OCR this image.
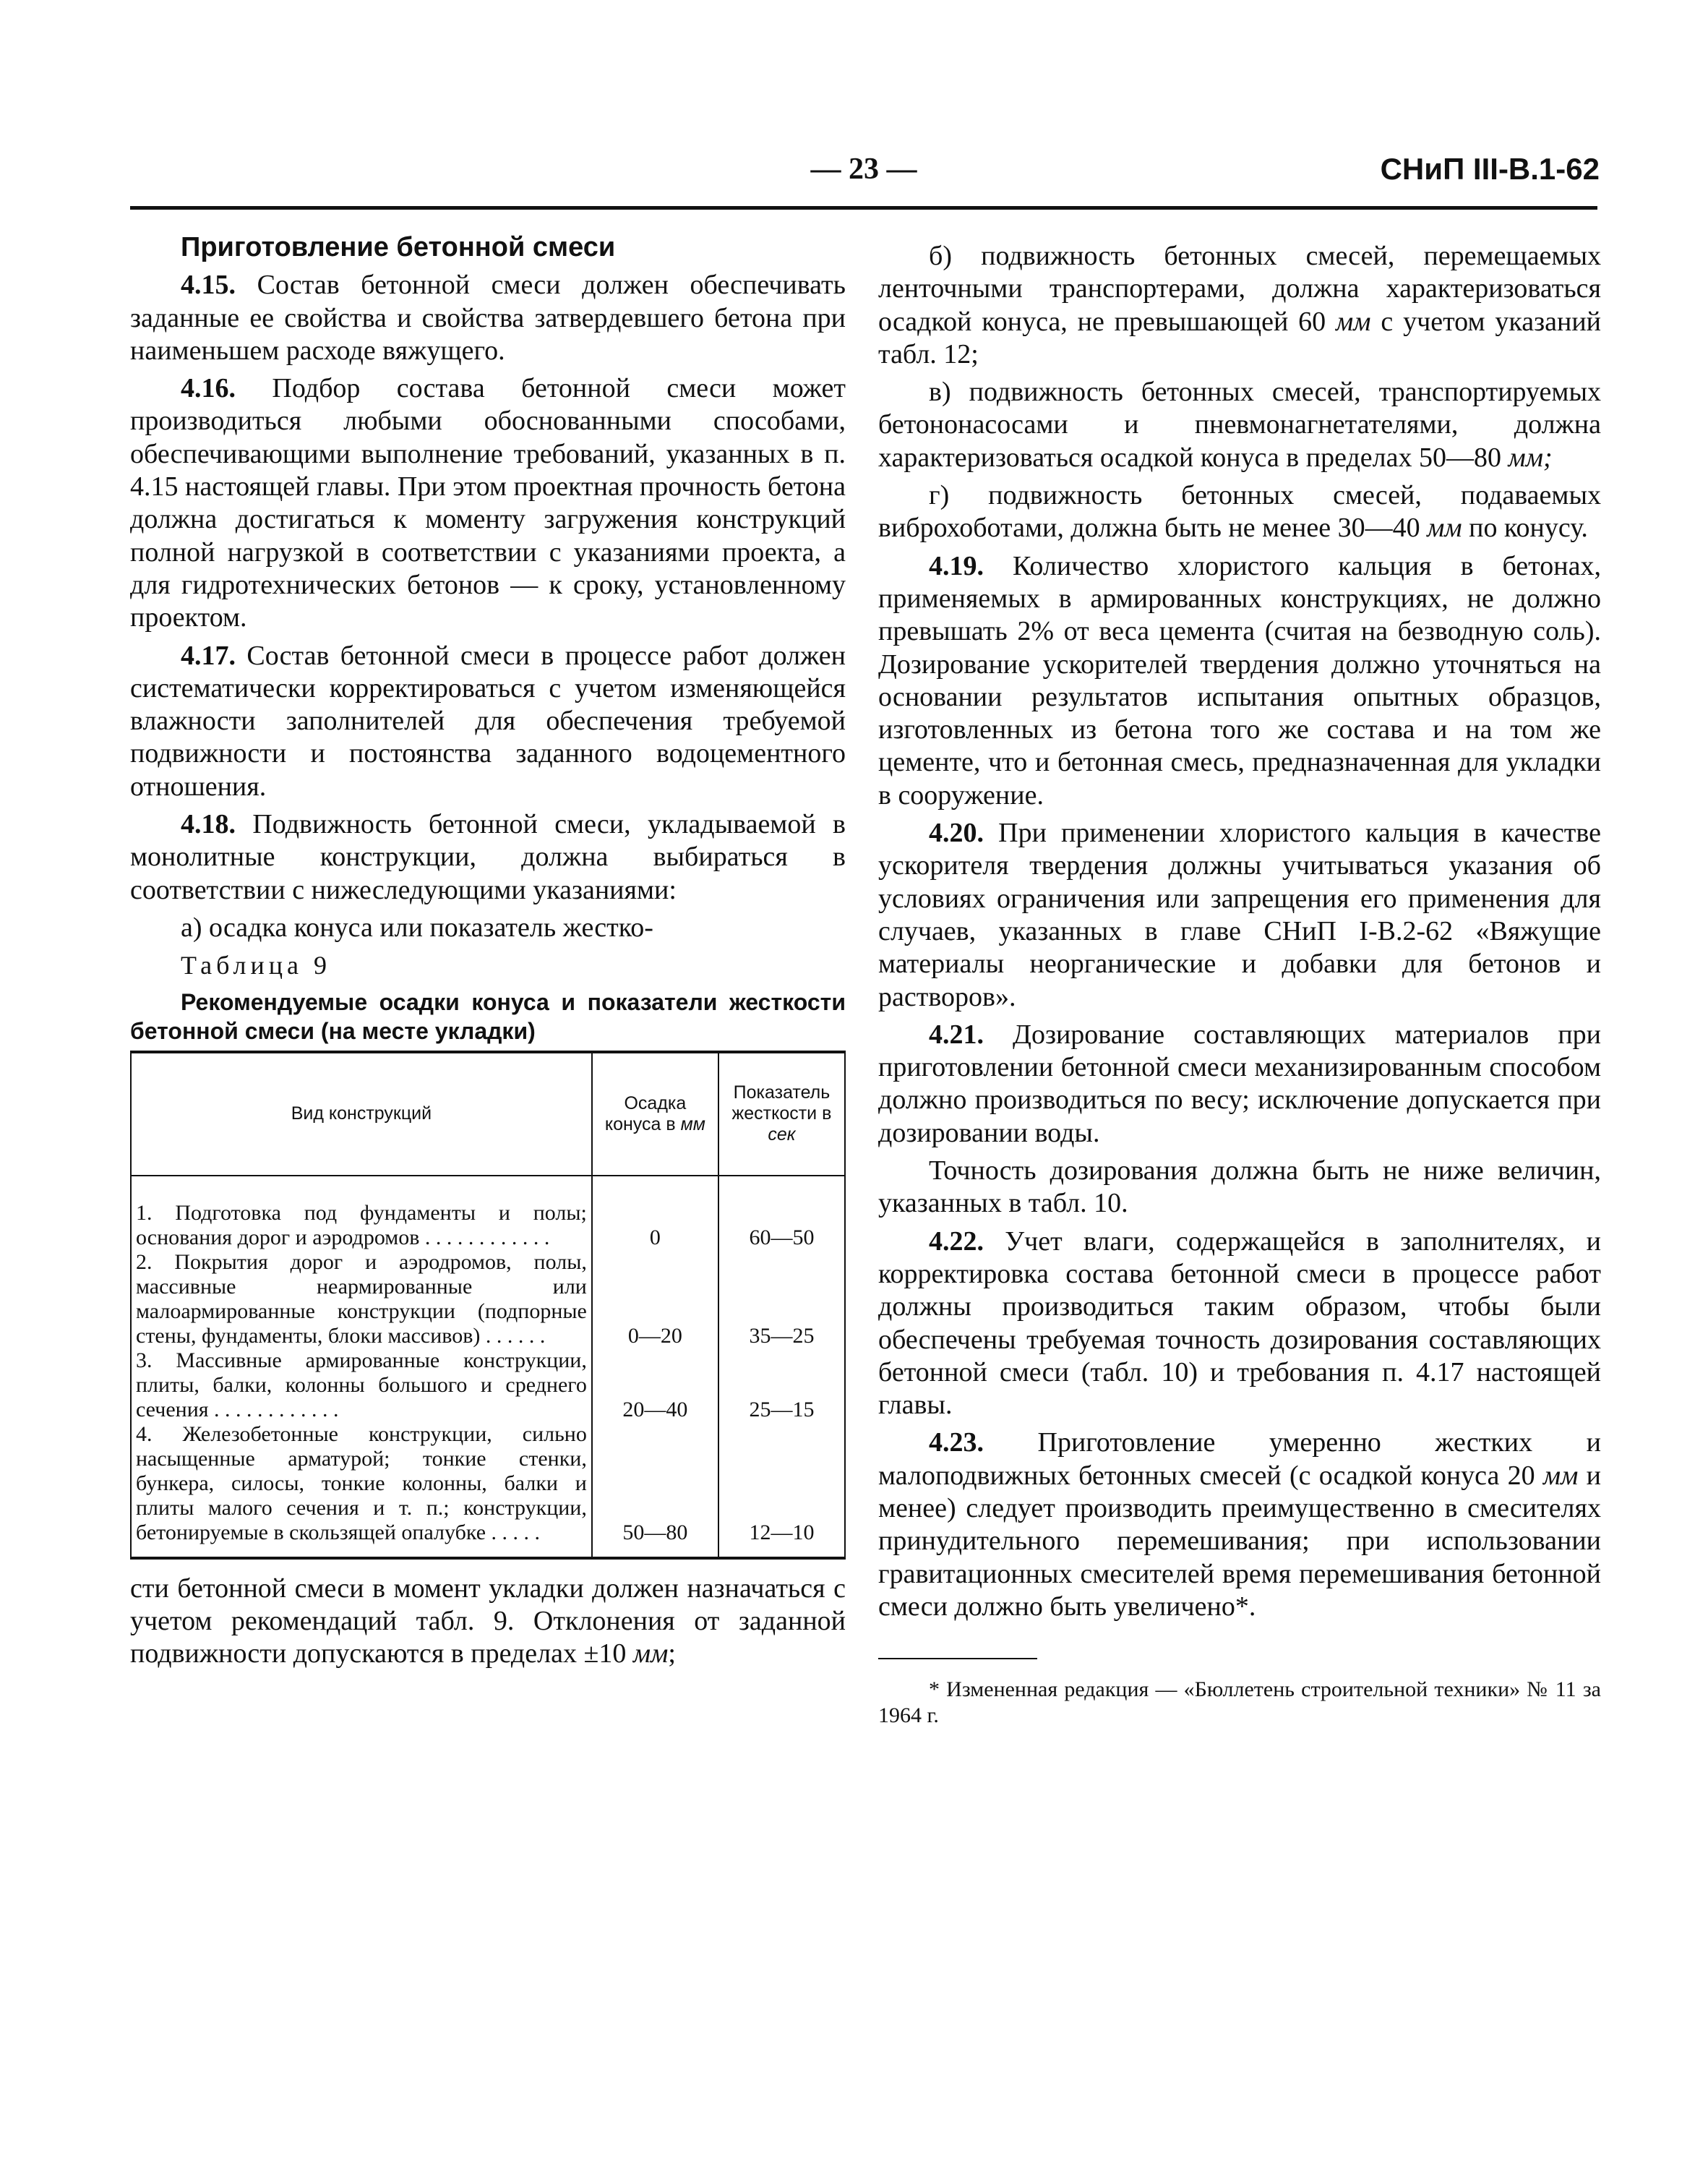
— 23 —	СНиП III-В.1-62

Приготовление бетонной смеси

4.15. Состав бетонной смеси должен обеспечивать заданные ее свойства и свойства затвердевшего бетона при наименьшем расходе вяжущего.

4.16. Подбор состава бетонной смеси может производиться любыми обоснованными способами, обеспечивающими выполнение требований, указанных в п. 4.15 настоящей главы. При этом проектная прочность бетона должна достигаться к моменту загружения конструкций полной нагрузкой в соответствии с указаниями проекта, а для гидротехнических бетонов — к сроку, установленному проектом.

4.17. Состав бетонной смеси в процессе работ должен систематически корректироваться с учетом изменяющейся влажности заполнителей для обеспечения требуемой подвижности и постоянства заданного водоцементного отношения.

4.18. Подвижность бетонной смеси, укладываемой в монолитные конструкции, должна выбираться в соответствии с нижеследующими указаниями:

а) осадка конуса или показатель жестко-

Таблица 9

Рекомендуемые осадки конуса и показатели жесткости бетонной смеси (на месте укладки)

Вид конструкций	Осадка конуса в мм	Показатель жесткости в сек
1. Подготовка под фундаменты и полы; основания дорог и аэродромов . . . . . . . . . . . .	0	60—50
2. Покрытия дорог и аэродромов, полы, массивные неармированные или малоармированные конструкции (подпорные стены, фундаменты, блоки массивов) . . . . . .	0—20	35—25
3. Массивные армированные конструкции, плиты, балки, колонны большого и среднего сечения . . . . . . . . . . . .	20—40	25—15
4. Железобетонные конструкции, сильно насыщенные арматурой; тонкие стенки, бункера, силосы, тонкие колонны, балки и плиты малого сечения и т. п.; конструкции, бетонируемые в скользящей опалубке . . . . .	50—80	12—10

сти бетонной смеси в момент укладки должен назначаться с учетом рекомендаций табл. 9. Отклонения от заданной подвижности допускаются в пределах ±10 мм;

б) подвижность бетонных смесей, перемещаемых ленточными транспортерами, должна характеризоваться осадкой конуса, не превышающей 60 мм с учетом указаний табл. 12;

в) подвижность бетонных смесей, транспортируемых бетононасосами и пневмонагнетателями, должна характеризоваться осадкой конуса в пределах 50—80 мм;

г) подвижность бетонных смесей, подаваемых виброхоботами, должна быть не менее 30—40 мм по конусу.

4.19. Количество хлористого кальция в бетонах, применяемых в армированных конструкциях, не должно превышать 2% от веса цемента (считая на безводную соль). Дозирование ускорителей твердения должно уточняться на основании результатов испытания опытных образцов, изготовленных из бетона того же состава и на том же цементе, что и бетонная смесь, предназначенная для укладки в сооружение.

4.20. При применении хлористого кальция в качестве ускорителя твердения должны учитываться указания об условиях ограничения или запрещения его применения для случаев, указанных в главе СНиП I-В.2-62 «Вяжущие материалы неорганические и добавки для бетонов и растворов».

4.21. Дозирование составляющих материалов при приготовлении бетонной смеси механизированным способом должно производиться по весу; исключение допускается при дозировании воды.

Точность дозирования должна быть не ниже величин, указанных в табл. 10.

4.22. Учет влаги, содержащейся в заполнителях, и корректировка состава бетонной смеси в процессе работ должны производиться таким образом, чтобы были обеспечены требуемая точность дозирования составляющих бетонной смеси (табл. 10) и требования п. 4.17 настоящей главы.

4.23. Приготовление умеренно жестких и малоподвижных бетонных смесей (с осадкой конуса 20 мм и менее) следует производить преимущественно в смесителях принудительного перемешивания; при использовании гравитационных смесителей время перемешивания бетонной смеси должно быть увеличено*.

* Измененная редакция — «Бюллетень строительной техники» № 11 за 1964 г.
